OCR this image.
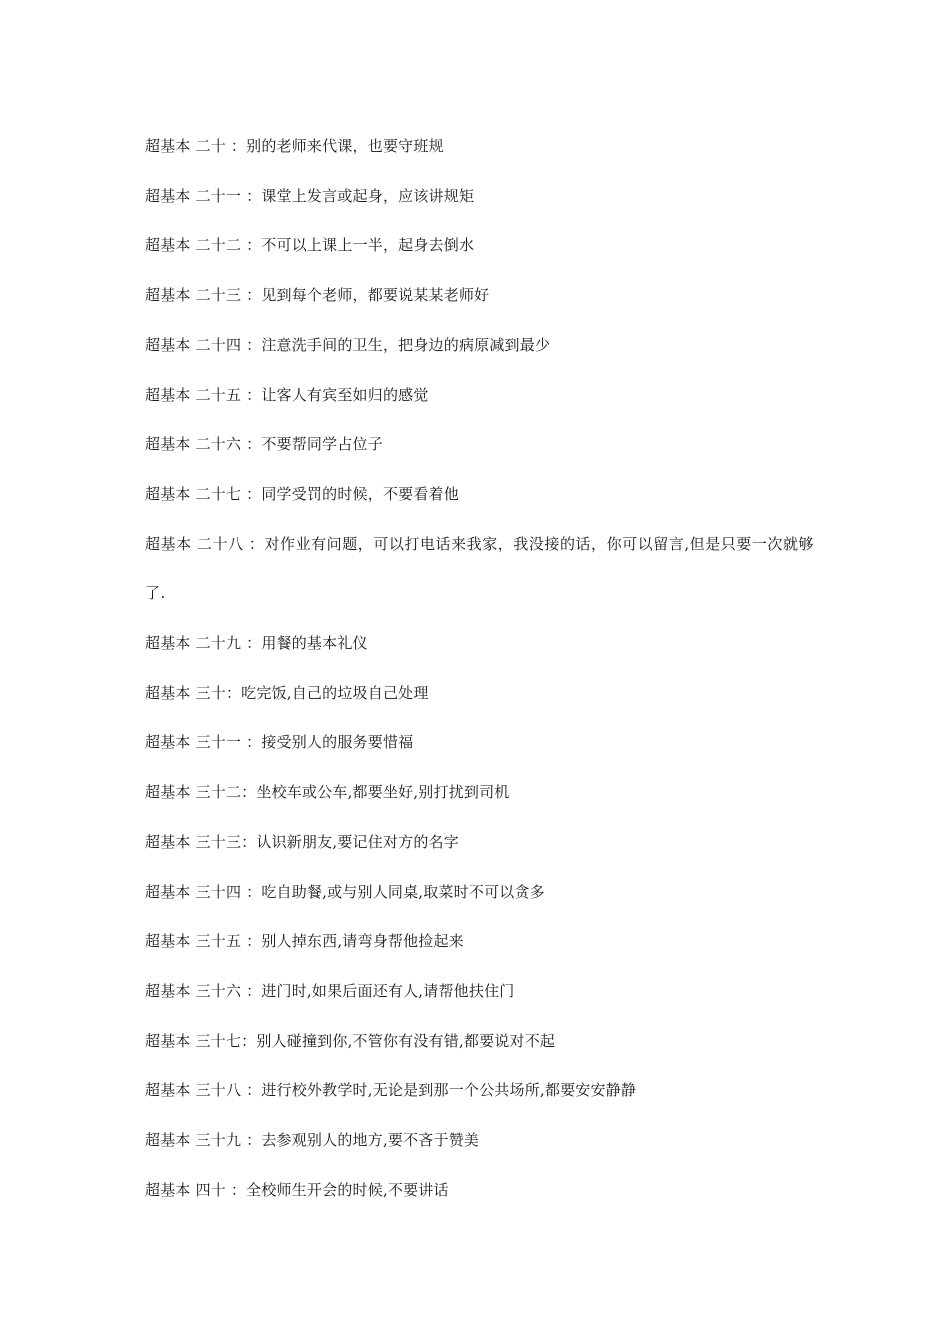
超基本 二十 ：别的老师来代课，也要守班规
超基本 二十一 ：课堂上发言或起身，应该讲规矩
超基本 二十二 ：不可以上课上一半，起身去倒水
超基本 二十三 ：见到每个老师，都要说某某老师好
超基本 二十四 ：注意洗手间的卫生，把身边的病原减到最少
超基本 二十五 ：让客人有宾至如归的感觉
超基本 二十六 ：不要帮同学占位子
超基本 二十七 ：同学受罚的时候，不要看着他
超基本 二十八 ：对作业有问题，可以打电话来我家，我没接的话，你可以留言,但是只要一次就够了.
超基本 二十九 ：用餐的基本礼仪
超基本 三十：吃完饭,自己的垃圾自己处理
超基本 三十一 ：接受别人的服务要惜福
超基本 三十二：坐校车或公车,都要坐好,别打扰到司机
超基本 三十三：认识新朋友,要记住对方的名字
超基本 三十四 ：吃自助餐,或与别人同桌,取菜时不可以贪多
超基本 三十五 ：别人掉东西,请弯身帮他捡起来
超基本 三十六 ：进门时,如果后面还有人,请帮他扶住门
超基本 三十七：别人碰撞到你,不管你有没有错,都要说对不起
超基本 三十八 ：进行校外教学时,无论是到那一个公共场所,都要安安静静
超基本 三十九 ：去参观别人的地方,要不吝于赞美
超基本 四十 ：全校师生开会的时候,不要讲话
